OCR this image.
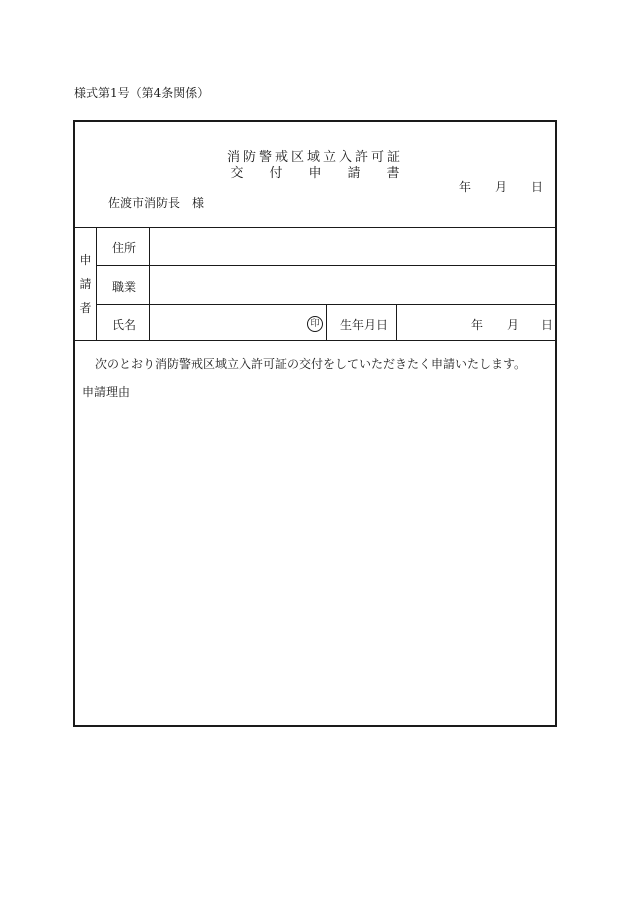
様式第1号（第4条関係）
消防警戒区域立入許可証
交付申請書
年 月 日
佐渡市消防長　様
申
請
者
住所
職業
氏名	印 生年月日	年 月 日
次のとおり消防警戒区域立入許可証の交付をしていただきたく申請いたします。
申請理由
